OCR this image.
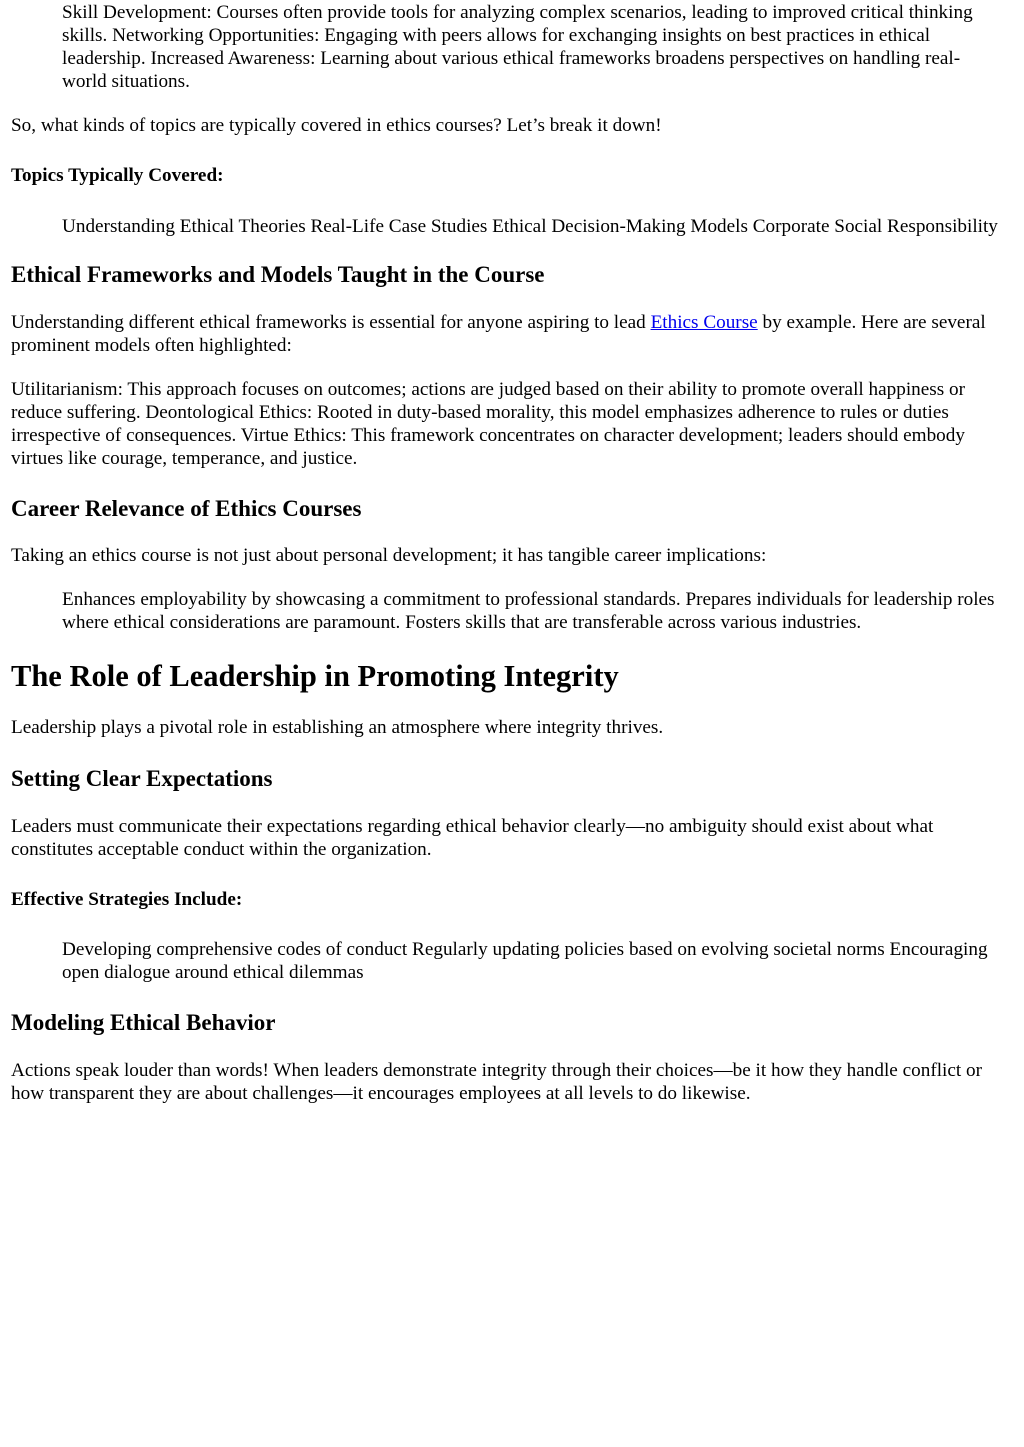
Skill Development: Courses often provide tools for analyzing complex scenarios, leading to improved critical thinking skills. Networking Opportunities: Engaging with peers allows for exchanging insights on best practices in ethical leadership. Increased Awareness: Learning about various ethical frameworks broadens perspectives on handling real-world situations.

So, what kinds of topics are typically covered in ethics courses? Let’s break it down!

Topics Typically Covered:
Understanding Ethical Theories Real-Life Case Studies Ethical Decision-Making Models Corporate Social Responsibility
Ethical Frameworks and Models Taught in the Course

Understanding different ethical frameworks is essential for anyone aspiring to lead Ethics Course by example. Here are several prominent models often highlighted:

Utilitarianism: This approach focuses on outcomes; actions are judged based on their ability to promote overall happiness or reduce suffering. Deontological Ethics: Rooted in duty-based morality, this model emphasizes adherence to rules or duties irrespective of consequences. Virtue Ethics: This framework concentrates on character development; leaders should embody virtues like courage, temperance, and justice.

Career Relevance of Ethics Courses

Taking an ethics course is not just about personal development; it has tangible career implications:

Enhances employability by showcasing a commitment to professional standards. Prepares individuals for leadership roles where ethical considerations are paramount. Fosters skills that are transferable across various industries.
The Role of Leadership in Promoting Integrity

Leadership plays a pivotal role in establishing an atmosphere where integrity thrives.

Setting Clear Expectations

Leaders must communicate their expectations regarding ethical behavior clearly—no ambiguity should exist about what constitutes acceptable conduct within the organization.

Effective Strategies Include:
Developing comprehensive codes of conduct Regularly updating policies based on evolving societal norms Encouraging open dialogue around ethical dilemmas
Modeling Ethical Behavior

Actions speak louder than words! When leaders demonstrate integrity through their choices—be it how they handle conflict or how transparent they are about challenges—it encourages employees at all levels to do likewise.
